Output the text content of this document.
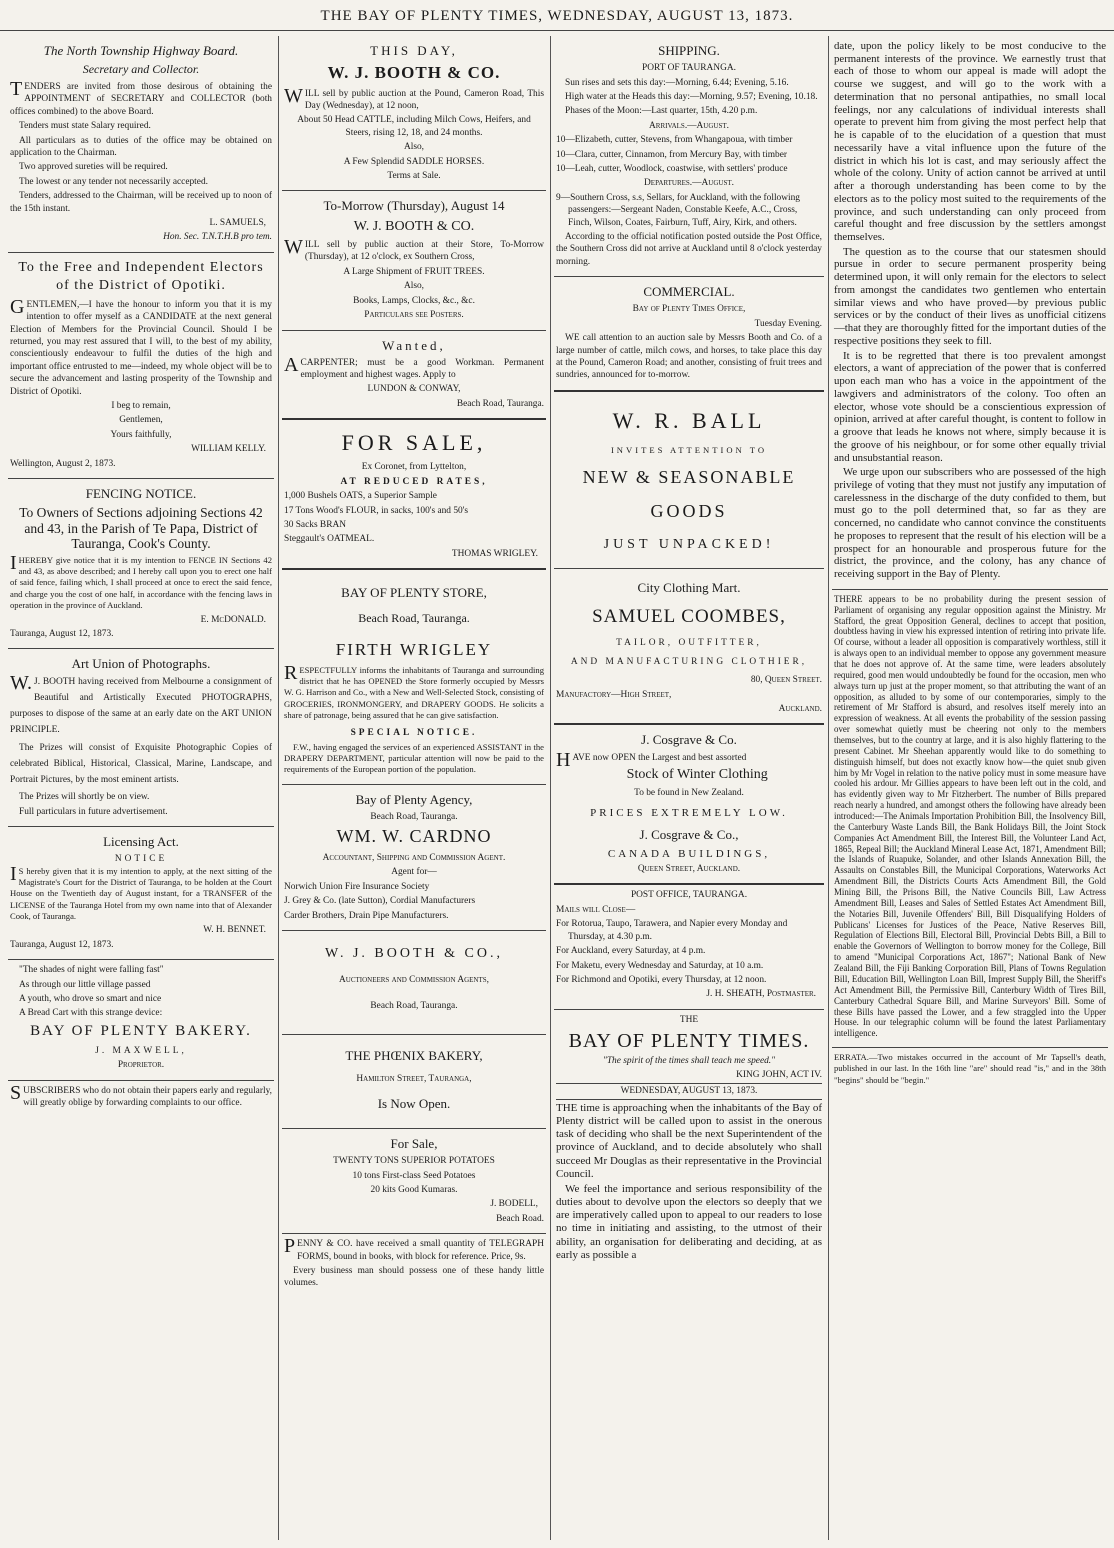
THE BAY OF PLENTY TIMES, WEDNESDAY, AUGUST 13, 1873.
The North Township Highway Board.
Secretary and Collector.

TENDERS are invited from those desirous of obtaining the APPOINTMENT of SECRETARY and COLLECTOR (both offices combined) to the above Board.

Tenders must state Salary required.

All particulars as to duties of the office may be obtained on application to the Chairman.

Two approved sureties will be required.

The lowest or any tender not necessarily accepted.

Tenders, addressed to the Chairman, will be received up to noon of the 15th instant.

L. SAMUELS,

Hon. Sec. T.N.T.H.B pro tem.

To the Free and Independent Electors of the District of Opotiki.

GENTLEMEN,—I have the honour to inform you that it is my intention to offer myself as a CANDIDATE at the next general Election of Members for the Provincial Council. Should I be returned, you may rest assured that I will, to the best of my ability, conscientiously endeavour to fulfil the duties of the high and important office entrusted to me—indeed, my whole object will be to secure the advancement and lasting prosperity of the Township and District of Opotiki.

I beg to remain,

Gentlemen,

Yours faithfully,

WILLIAM KELLY.

Wellington, August 2, 1873.

FENCING NOTICE.
To Owners of Sections adjoining Sections 42 and 43, in the Parish of Te Papa, District of Tauranga, Cook's County.

IHEREBY give notice that it is my intention to FENCE IN Sections 42 and 43, as above described; and I hereby call upon you to erect one half of said fence, failing which, I shall proceed at once to erect the said fence, and charge you the cost of one half, in accordance with the fencing laws in operation in the province of Auckland.

E. McDONALD.

Tauranga, August 12, 1873.

Art Union of Photographs.

W.J. BOOTH having received from Melbourne a consignment of Beautiful and Artistically Executed PHOTOGRAPHS, purposes to dispose of the same at an early date on the ART UNION PRINCIPLE.

The Prizes will consist of Exquisite Photographic Copies of celebrated Biblical, Historical, Classical, Marine, Landscape, and Portrait Pictures, by the most eminent artists.

The Prizes will shortly be on view.

Full particulars in future advertisement.

Licensing Act.
NOTICE

IS hereby given that it is my intention to apply, at the next sitting of the Magistrate's Court for the District of Tauranga, to be holden at the Court House on the Twentieth day of August instant, for a TRANSFER of the LICENSE of the Tauranga Hotel from my own name into that of Alexander Cook, of Tauranga.

W. H. BENNET.

Tauranga, August 12, 1873.

"The shades of night were falling fast"

As through our little village passed

A youth, who drove so smart and nice

A Bread Cart with this strange device:

BAY OF PLENTY BAKERY.

J. MAXWELL,

Proprietor.

SUBSCRIBERS who do not obtain their papers early and regularly, will greatly oblige by forwarding complaints to our office.

THIS DAY,
W. J. BOOTH & CO.

WILL sell by public auction at the Pound, Cameron Road, This Day (Wednesday), at 12 noon,

About 50 Head CATTLE, including Milch Cows, Heifers, and Steers, rising 12, 18, and 24 months.

Also,

A Few Splendid SADDLE HORSES.

Terms at Sale.

To-Morrow (Thursday), August 14
W. J. BOOTH & CO.

WILL sell by public auction at their Store, To-Morrow (Thursday), at 12 o'clock, ex Southern Cross,

A Large Shipment of FRUIT TREES.

Also,

Books, Lamps, Clocks, &c., &c.

Particulars see Posters.

Wanted,

ACARPENTER; must be a good Workman. Permanent employment and highest wages. Apply to

LUNDON & CONWAY,

Beach Road, Tauranga.

FOR SALE,

Ex Coronet, from Lyttelton,

AT REDUCED RATES,

1,000 Bushels OATS, a Superior Sample

17 Tons Wood's FLOUR, in sacks, 100's and 50's

30 Sacks BRAN

Steggault's OATMEAL.

THOMAS WRIGLEY.

BAY OF PLENTY STORE,
Beach Road, Tauranga.
FIRTH WRIGLEY

RESPECTFULLY informs the inhabitants of Tauranga and surrounding district that he has OPENED the Store formerly occupied by Messrs W. G. Harrison and Co., with a New and Well-Selected Stock, consisting of GROCERIES, IRONMONGERY, and DRAPERY GOODS. He solicits a share of patronage, being assured that he can give satisfaction.

SPECIAL NOTICE.

F.W., having engaged the services of an experienced ASSISTANT in the DRAPERY DEPARTMENT, particular attention will now be paid to the requirements of the European portion of the population.

Bay of Plenty Agency,

Beach Road, Tauranga.

WM. W. CARDNO

Accountant, Shipping and Commission Agent.

Agent for—

Norwich Union Fire Insurance Society

J. Grey & Co. (late Sutton), Cordial Manufacturers

Carder Brothers, Drain Pipe Manufacturers.

W. J. BOOTH & CO.,

Auctioneers and Commission Agents,

Beach Road, Tauranga.

THE PHŒNIX BAKERY,

Hamilton Street, Tauranga,

Is Now Open.
For Sale,

TWENTY TONS SUPERIOR POTATOES

10 tons First-class Seed Potatoes

20 kits Good Kumaras.

J. BODELL,

Beach Road.

PENNY & CO. have received a small quantity of TELEGRAPH FORMS, bound in books, with block for reference. Price, 9s.

Every business man should possess one of these handy little volumes.

SHIPPING.

PORT OF TAURANGA.

Sun rises and sets this day:—Morning, 6.44; Evening, 5.16.

High water at the Heads this day:—Morning, 9.57; Evening, 10.18.

Phases of the Moon:—Last quarter, 15th, 4.20 p.m.

Arrivals.—August.

10—Elizabeth, cutter, Stevens, from Whangapoua, with timber

10—Clara, cutter, Cinnamon, from Mercury Bay, with timber

10—Leah, cutter, Woodlock, coastwise, with settlers' produce

Departures.—August.

9—Southern Cross, s.s, Sellars, for Auckland, with the following passengers:—Sergeant Naden, Constable Keefe, A.C., Cross, Finch, Wilson, Coates, Fairburn, Tuff, Airy, Kirk, and others.

According to the official notification posted outside the Post Office, the Southern Cross did not arrive at Auckland until 8 o'clock yesterday morning.

COMMERCIAL.

Bay of Plenty Times Office,

Tuesday Evening.

WE call attention to an auction sale by Messrs Booth and Co. of a large number of cattle, milch cows, and horses, to take place this day at the Pound, Cameron Road; and another, consisting of fruit trees and sundries, announced for to-morrow.

W. R. BALL

INVITES ATTENTION TO

NEW & SEASONABLE
GOODS
JUST UNPACKED!
City Clothing Mart.
SAMUEL COOMBES,

TAILOR, OUTFITTER,

AND MANUFACTURING CLOTHIER,

80, Queen Street.

Manufactory—High Street,

Auckland.

J. Cosgrave & Co.

HAVE now OPEN the Largest and best assorted

Stock of Winter Clothing

To be found in New Zealand.

PRICES EXTREMELY LOW.

J. Cosgrave & Co.,

CANADA BUILDINGS,

Queen Street, Auckland.

POST OFFICE, TAURANGA.

Mails will Close—

For Rotorua, Taupo, Tarawera, and Napier every Monday and Thursday, at 4.30 p.m.

For Auckland, every Saturday, at 4 p.m.

For Maketu, every Wednesday and Saturday, at 10 a.m.

For Richmond and Opotiki, every Thursday, at 12 noon.

J. H. SHEATH, Postmaster.

THE

BAY OF PLENTY TIMES.

"The spirit of the times shall teach me speed."

KING JOHN, ACT IV.

WEDNESDAY, AUGUST 13, 1873.

THE time is approaching when the inhabitants of the Bay of Plenty district will be called upon to assist in the onerous task of deciding who shall be the next Superintendent of the province of Auckland, and to decide absolutely who shall succeed Mr Douglas as their representative in the Provincial Council.

We feel the importance and serious responsibility of the duties about to devolve upon the electors so deeply that we are imperatively called upon to appeal to our readers to lose no time in initiating and assisting, to the utmost of their ability, an organisation for deliberating and deciding, at as early as possible a

date, upon the policy likely to be most conducive to the permanent interests of the province. We earnestly trust that each of those to whom our appeal is made will adopt the course we suggest, and will go to the work with a determination that no personal antipathies, no small local feelings, nor any calculations of individual interests shall operate to prevent him from giving the most perfect help that he is capable of to the elucidation of a question that must necessarily have a vital influence upon the future of the district in which his lot is cast, and may seriously affect the whole of the colony. Unity of action cannot be arrived at until after a thorough understanding has been come to by the electors as to the policy most suited to the requirements of the province, and such understanding can only proceed from careful thought and free discussion by the settlers amongst themselves.

The question as to the course that our statesmen should pursue in order to secure permanent prosperity being determined upon, it will only remain for the electors to select from amongst the candidates two gentlemen who entertain similar views and who have proved—by previous public services or by the conduct of their lives as unofficial citizens—that they are thoroughly fitted for the important duties of the respective positions they seek to fill.

It is to be regretted that there is too prevalent amongst electors, a want of appreciation of the power that is conferred upon each man who has a voice in the appointment of the lawgivers and administrators of the colony. Too often an elector, whose vote should be a conscientious expression of opinion, arrived at after careful thought, is content to follow in a groove that leads he knows not where, simply because it is the groove of his neighbour, or for some other equally trivial and unsubstantial reason.

We urge upon our subscribers who are possessed of the high privilege of voting that they must not justify any imputation of carelessness in the discharge of the duty confided to them, but must go to the poll determined that, so far as they are concerned, no candidate who cannot convince the constituents he proposes to represent that the result of his election will be a prospect for an honourable and prosperous future for the district, the province, and the colony, has any chance of receiving support in the Bay of Plenty.

THERE appears to be no probability during the present session of Parliament of organising any regular opposition against the Ministry. Mr Stafford, the great Opposition General, declines to accept that position, doubtless having in view his expressed intention of retiring into private life. Of course, without a leader all opposition is comparatively worthless, still it is always open to an individual member to oppose any government measure that he does not approve of. At the same time, were leaders absolutely required, good men would undoubtedly be found for the occasion, men who always turn up just at the proper moment, so that attributing the want of an opposition, as alluded to by some of our contemporaries, simply to the retirement of Mr Stafford is absurd, and resolves itself merely into an expression of weakness. At all events the probability of the session passing over somewhat quietly must be cheering not only to the members themselves, but to the country at large, and it is also highly flattering to the present Cabinet. Mr Sheehan apparently would like to do something to distinguish himself, but does not exactly know how—the quiet snub given him by Mr Vogel in relation to the native policy must in some measure have cooled his ardour. Mr Gillies appears to have been left out in the cold, and has evidently given way to Mr Fitzherbert. The number of Bills prepared reach nearly a hundred, and amongst others the following have already been introduced:—The Animals Importation Prohibition Bill, the Insolvency Bill, the Canterbury Waste Lands Bill, the Bank Holidays Bill, the Joint Stock Companies Act Amendment Bill, the Interest Bill, the Volunteer Land Act, 1865, Repeal Bill; the Auckland Mineral Lease Act, 1871, Amendment Bill; the Islands of Ruapuke, Solander, and other Islands Annexation Bill, the Assaults on Constables Bill, the Municipal Corporations, Waterworks Act Amendment Bill, the Districts Courts Acts Amendment Bill, the Gold Mining Bill, the Prisons Bill, the Native Councils Bill, Law Actress Amendment Bill, Leases and Sales of Settled Estates Act Amendment Bill, the Notaries Bill, Juvenile Offenders' Bill, Bill Disqualifying Holders of Publicans' Licenses for Justices of the Peace, Native Reserves Bill, Regulation of Elections Bill, Electoral Bill, Provincial Debts Bill, a Bill to enable the Governors of Wellington to borrow money for the College, Bill to amend "Municipal Corporations Act, 1867"; National Bank of New Zealand Bill, the Fiji Banking Corporation Bill, Plans of Towns Regulation Bill, Education Bill, Wellington Loan Bill, Imprest Supply Bill, the Sheriff's Act Amendment Bill, the Permissive Bill, Canterbury Width of Tires Bill, Canterbury Cathedral Square Bill, and Marine Surveyors' Bill. Some of these Bills have passed the Lower, and a few straggled into the Upper House. In our telegraphic column will be found the latest Parliamentary intelligence.

ERRATA.—Two mistakes occurred in the account of Mr Tapsell's death, published in our last. In the 16th line "are" should read "is," and in the 38th "begins" should be "begin."
